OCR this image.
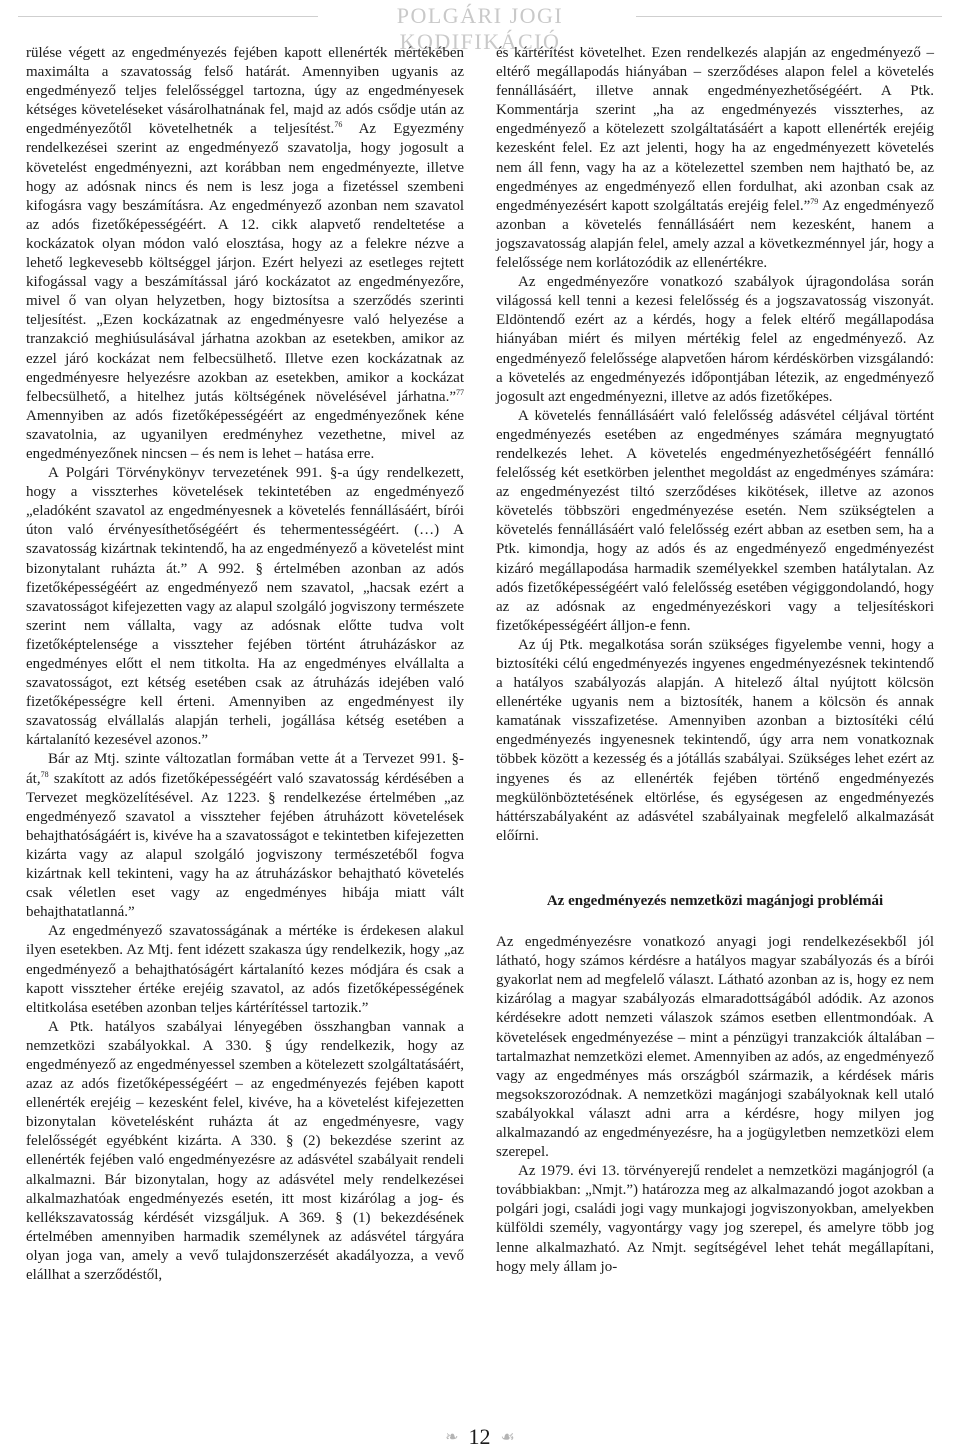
POLGÁRI JOGI KODIFIKÁCIÓ

rülése végett az engedményezés fejében kapott ellenérték mértékében maximálta a szavatosság felső határát. Amennyiben ugyanis az engedményező teljes felelősséggel tartozna, úgy az engedményesek kétséges követeléseket vásárolhatnának fel, majd az adós csődje után az engedményezőtől követelhetnék a teljesítést.$^{76}$ Az Egyezmény rendelkezései szerint az engedményező szavatolja, hogy jogosult a követelést engedményezni, azt korábban nem engedményezte, illetve hogy az adósnak nincs és nem is lesz joga a fizetéssel szembeni kifogásra vagy beszámításra. Az engedményező azonban nem szavatol az adós fizetőképességéért. A 12. cikk alapvető rendeltetése a kockázatok olyan módon való elosztása, hogy az a felekre nézve a lehető legkevesebb költséggel járjon. Ezért helyezi az esetleges rejtett kifogással vagy a beszámítással járó kockázatot az engedményezőre, mivel ő van olyan helyzetben, hogy biztosítsa a szerződés szerinti teljesítést. „Ezen kockázatnak az engedményesre való helyezése a tranzakció meghiúsulásával járhatna azokban az esetekben, amikor az ezzel járó kockázat nem felbecsülhető. Illetve ezen kockázatnak az engedményesre helyezésre azokban az esetekben, amikor a kockázat felbecsülhető, a hitelhez jutás költségének növelésével járhatna.”$^{77}$ Amennyiben az adós fizetőképességéért az engedményezőnek kéne szavatolnia, az ugyanilyen eredményhez vezethetne, mivel az engedményezőnek nincsen – és nem is lehet – hatása erre.

A Polgári Törvénykönyv tervezetének 991. §-a úgy rendelkezett, hogy a visszterhes követelések tekintetében az engedményező „eladóként szavatol az engedményesnek a követelés fennállásáért, bírói úton való érvényesíthetőségéért és tehermentességéért. (…) A szavatosság kizártnak tekintendő, ha az engedményező a követelést mint bizonytalant ruházta át.” A 992. § értelmében azonban az adós fizetőképességéért az engedményező nem szavatol, „hacsak ezért a szavatosságot kifejezetten vagy az alapul szolgáló jogviszony természete szerint nem vállalta, vagy az adósnak előtte tudva volt fizetőképtelensége a visszteher fejében történt átruházáskor az engedményes előtt el nem titkolta. Ha az engedményes elvállalta a szavatosságot, ezt kétség esetében csak az átruházás idejében való fizetőképességre kell érteni. Amennyiben az engedményest ily szavatosság elvállalás alapján terheli, jogállása kétség esetében a kártalanító kezesével azonos.”

Bár az Mtj. szinte változatlan formában vette át a Tervezet 991. §-át,$^{78}$ szakított az adós fizetőképességéért való szavatosság kérdésében a Tervezet megközelítésével. Az 1223. § rendelkezése értelmében „az engedményező szavatol a visszteher fejében átruházott követelések behajthatóságáért is, kivéve ha a szavatosságot e tekintetben kifejezetten kizárta vagy az alapul szolgáló jogviszony természetéből fogva kizártnak kell tekinteni, vagy ha az átruházáskor behajtható követelés csak véletlen eset vagy az engedményes hibája miatt vált behajthatatlanná.”

Az engedményező szavatosságának a mértéke is érdekesen alakul ilyen esetekben. Az Mtj. fent idézett szakasza úgy rendelkezik, hogy „az engedményező a behajthatóságért kártalanító kezes módjára és csak a kapott visszteher értéke erejéig szavatol, az adós fizetőképességének eltitkolása esetében azonban teljes kártérítéssel tartozik.”

A Ptk. hatályos szabályai lényegében összhangban vannak a nemzetközi szabályokkal. A 330. § úgy rendelkezik, hogy az engedményező az engedményessel szemben a kötelezett szolgáltatásáért, azaz az adós fizetőképességéért – az engedményezés fejében kapott ellenérték erejéig – kezesként felel, kivéve, ha a követelést kifejezetten bizonytalan követelésként ruházta át az engedményesre, vagy felelősségét egyébként kizárta. A 330. § (2) bekezdése szerint az ellenérték fejében való engedményezésre az adásvétel szabályait rendeli alkalmazni. Bár bizonytalan, hogy az adásvétel mely rendelkezései alkalmazhatóak engedményezés esetén, itt most kizárólag a jog- és kellékszavatosság kérdését vizsgáljuk. A 369. § (1) bekezdésének értelmében amennyiben harmadik személynek az adásvétel tárgyára olyan joga van, amely a vevő tulajdonszerzését akadályozza, a vevő elállhat a szerződéstől,

és kártérítést követelhet. Ezen rendelkezés alapján az engedményező – eltérő megállapodás hiányában – szerződéses alapon felel a követelés fennállásáért, illetve annak engedményezhetőségéért. A Ptk. Kommentárja szerint „ha az engedményezés visszterhes, az engedményező a kötelezett szolgáltatásáért a kapott ellenérték erejéig kezesként felel. Ez azt jelenti, hogy ha az engedményezett követelés nem áll fenn, vagy ha az a kötelezettel szemben nem hajtható be, az engedményes az engedményező ellen fordulhat, aki azonban csak az engedményezésért kapott szolgáltatás erejéig felel.”$^{79}$ Az engedményező azonban a követelés fennállásáért nem kezesként, hanem a jogszavatosság alapján felel, amely azzal a következménnyel jár, hogy a felelőssége nem korlátozódik az ellenértékre.

Az engedményezőre vonatkozó szabályok újragondolása során világossá kell tenni a kezesi felelősség és a jogszavatosság viszonyát. Eldöntendő ezért az a kérdés, hogy a felek eltérő megállapodása hiányában miért és milyen mértékig felel az engedményező. Az engedményező felelőssége alapvetően három kérdéskörben vizsgálandó: a követelés az engedményezés időpontjában létezik, az engedményező jogosult azt engedményezni, illetve az adós fizetőképes.

A követelés fennállásáért való felelősség adásvétel céljával történt engedményezés esetében az engedményes számára megnyugtató rendelkezés lehet. A követelés engedményezhetőségéért fennálló felelősség két esetkörben jelenthet megoldást az engedményes számára: az engedményezést tiltó szerződéses kikötések, illetve az azonos követelés többszöri engedményezése esetén. Nem szükségtelen a követelés fennállásáért való felelősség ezért abban az esetben sem, ha a Ptk. kimondja, hogy az adós és az engedményező engedményezést kizáró megállapodása harmadik személyekkel szemben hatálytalan. Az adós fizetőképességéért való felelősség esetében végiggondolandó, hogy az az adósnak az engedményezéskori vagy a teljesítéskori fizetőképességéért álljon-e fenn.

Az új Ptk. megalkotása során szükséges figyelembe venni, hogy a biztosítéki célú engedményezés ingyenes engedményezésnek tekintendő a hatályos szabályozás alapján. A hitelező által nyújtott kölcsön ellenértéke ugyanis nem a biztosíték, hanem a kölcsön és annak kamatának visszafizetése. Amennyiben azonban a biztosítéki célú engedményezés ingyenesnek tekintendő, úgy arra nem vonatkoznak többek között a kezesség és a jótállás szabályai. Szükséges lehet ezért az ingyenes és az ellenérték fejében történő engedményezés megkülönböztetésének eltörlése, és egységesen az engedményezés háttérszabályaként az adásvétel szabályainak megfelelő alkalmazását előírni.

Az engedményezés nemzetközi magánjogi problémái

Az engedményezésre vonatkozó anyagi jogi rendelkezésekből jól látható, hogy számos kérdésre a hatályos magyar szabályozás és a bírói gyakorlat nem ad megfelelő választ. Látható azonban az is, hogy ez nem kizárólag a magyar szabályozás elmaradottságából adódik. Az azonos kérdésekre adott nemzeti válaszok számos esetben ellentmondóak. A követelések engedményezése – mint a pénzügyi tranzakciók általában – tartalmazhat nemzetközi elemet. Amennyiben az adós, az engedményező vagy az engedményes más országból származik, a kérdések máris megsokszorozódnak. A nemzetközi magánjogi szabályoknak kell utaló szabályokkal választ adni arra a kérdésre, hogy milyen jog alkalmazandó az engedményezésre, ha a jogügyletben nemzetközi elem szerepel.

Az 1979. évi 13. törvényerejű rendelet a nemzetközi magánjogról (a továbbiakban: „Nmjt.”) határozza meg az alkalmazandó jogot azokban a polgári jogi, családi jogi vagy munkajogi jogviszonyokban, amelyekben külföldi személy, vagyontárgy vagy jog szerepel, és amelyre több jog lenne alkalmazható. Az Nmjt. segítségével lehet tehát megállapítani, hogy mely állam jo-

❧ 12 ☙
